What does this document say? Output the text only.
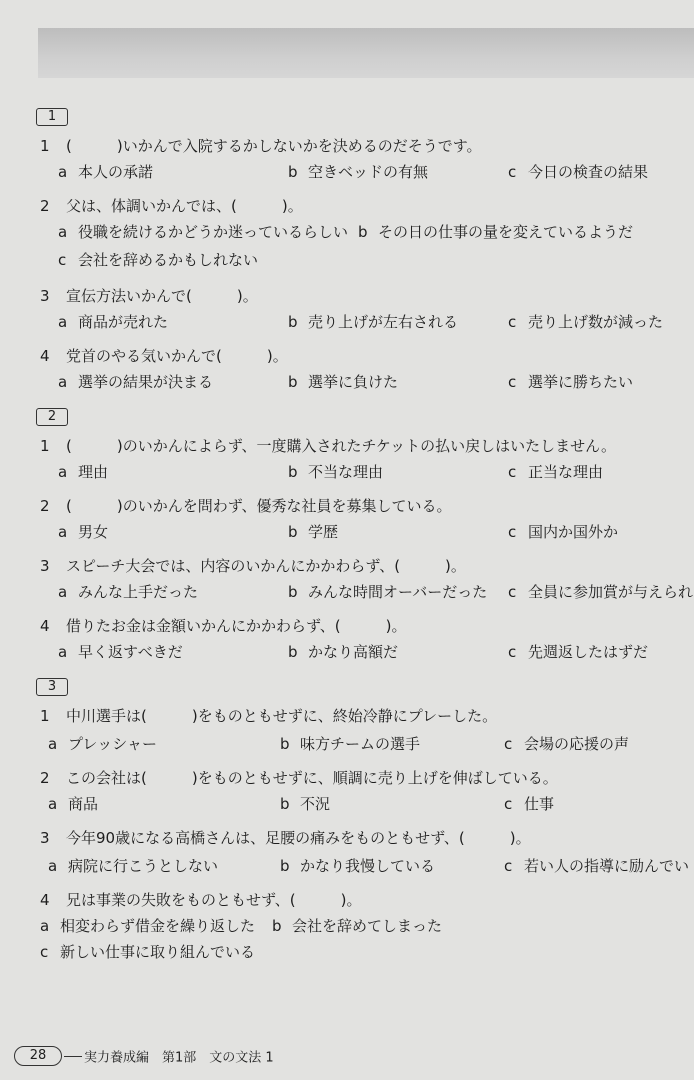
1
1 (　　　)いかんで入院するかしないかを決めるのだそうです。
a 本人の承諾	b 空きベッドの有無	c 今日の検査の結果
2 父は、体調いかんでは、(　　　)。
a 役職を続けるかどうか迷っているらしい b その日の仕事の量を変えているようだ
c 会社を辞めるかもしれない
3 宣伝方法いかんで(　　　)。
a 商品が売れた	b 売り上げが左右される	c 売り上げ数が減った
4 党首のやる気いかんで(　　　)。
a 選挙の結果が決まる	b 選挙に負けた	c 選挙に勝ちたい
2
1 (　　　)のいかんによらず、一度購入されたチケットの払い戻しはいたしません。
a 理由	b 不当な理由	c 正当な理由
2 (　　　)のいかんを問わず、優秀な社員を募集している。
a 男女	b 学歴	c 国内か国外か
3 スピーチ大会では、内容のいかんにかかわらず、(　　　)。
a みんな上手だった	b みんな時間オーバーだった c 全員に参加賞が与えられ
4 借りたお金は金額いかんにかかわらず、(　　　)。
a 早く返すべきだ	b かなり高額だ	c 先週返したはずだ
3
1 中川選手は(　　　)をものともせずに、終始冷静にプレーした。
a プレッシャー	b 味方チームの選手	c 会場の応援の声
2 この会社は(　　　)をものともせずに、順調に売り上げを伸ばしている。
a 商品	b 不況	c 仕事
3 今年90歳になる高橋さんは、足腰の痛みをものともせず、(　　　)。
a 病院に行こうとしない	b かなり我慢している	c 若い人の指導に励んでい
4 兄は事業の失敗をものともせず、(　　　)。
a 相変わらず借金を繰り返した b 会社を辞めてしまった
c 新しい仕事に取り組んでいる
28	実力養成編　第1部　文の文法 1
